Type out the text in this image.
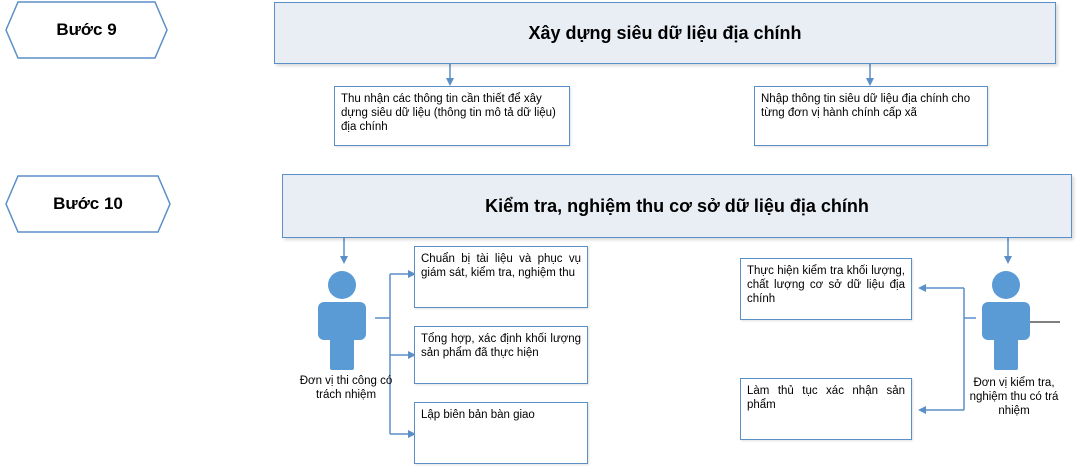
Bước 9
Bước 10
Xây dựng siêu dữ liệu địa chính
Kiểm tra, nghiệm thu cơ sở dữ liệu địa chính
Thu nhận các thông tin cần thiết để xây dựng siêu dữ liệu (thông tin mô tả dữ liệu) địa chính
Nhập thông tin siêu dữ liệu địa chính cho từng đơn vị hành chính cấp xã
Chuẩn bị tài liệu và phục vụ giám sát, kiểm tra, nghiệm thu
Tổng hợp, xác định khối lượng sản phẩm đã thực hiện
Lập biên bản bàn giao
Thực hiện kiểm tra khối lượng, chất lượng cơ sở dữ liệu địa chính
Làm thủ tục xác nhận sản phẩm
Đơn vị thi công có trách nhiệm
Đơn vị kiểm tra, nghiệm thu có trá nhiệm
